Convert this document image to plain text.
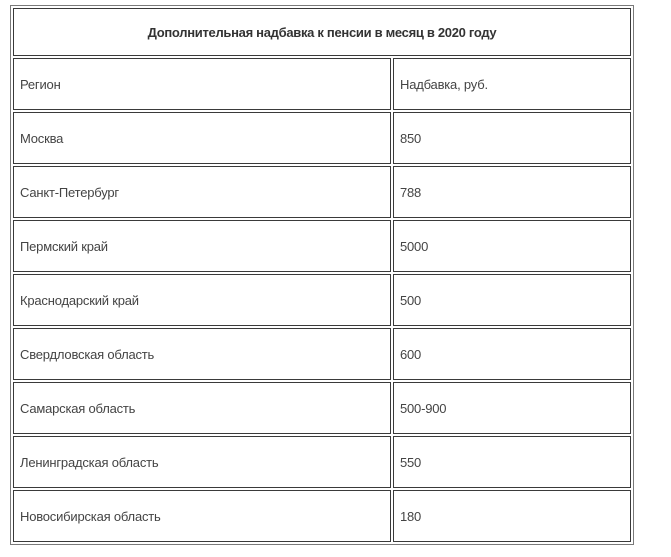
Дополнительная надбавка к пенсии в месяц в 2020 году	
Регион	Надбавка, руб.
Москва	850
Санкт-Петербург	788
Пермский край	5000
Краснодарский край	500
Свердловская область	600
Самарская область	500-900
Ленинградская область	550
Новосибирская область	180
